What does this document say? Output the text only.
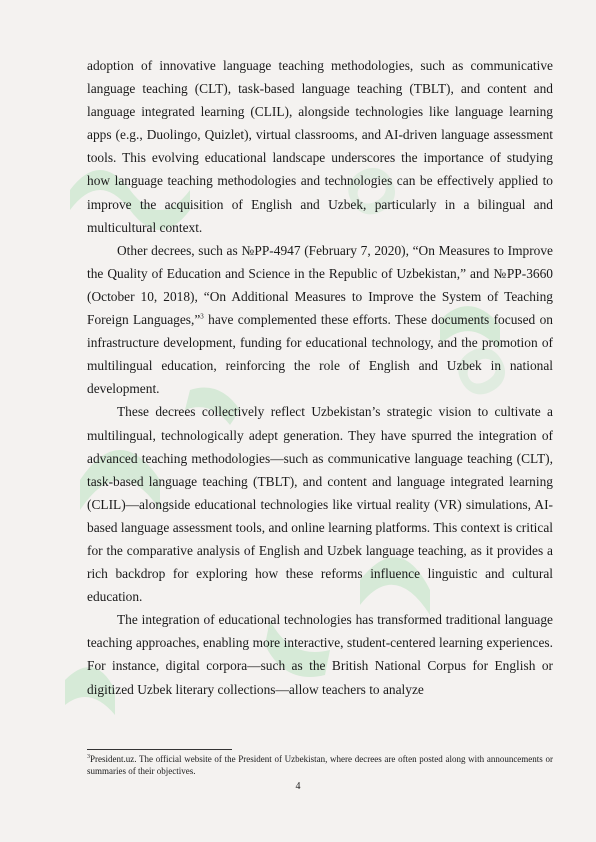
O
O

adoption of innovative language teaching methodologies, such as communicative language teaching (CLT), task-based language teaching (TBLT), and content and language integrated learning (CLIL), alongside technologies like language learning apps (e.g., Duolingo, Quizlet), virtual classrooms, and AI-driven language assessment tools. This evolving educational landscape underscores the importance of studying how language teaching methodologies and technologies can be effectively applied to improve the acquisition of English and Uzbek, particularly in a bilingual and multicultural context.

Other decrees, such as №PP-4947 (February 7, 2020), “On Measures to Improve the Quality of Education and Science in the Republic of Uzbekistan,” and №PP-3660 (October 10, 2018), “On Additional Measures to Improve the System of Teaching Foreign Languages,”$^3$ have complemented these efforts. These documents focused on infrastructure development, funding for educational technology, and the promotion of multilingual education, reinforcing the role of English and Uzbek in national development.

These decrees collectively reflect Uzbekistan’s strategic vision to cultivate a multilingual, technologically adept generation. They have spurred the integration of advanced teaching methodologies—such as communicative language teaching (CLT), task-based language teaching (TBLT), and content and language integrated learning (CLIL)—alongside educational technologies like virtual reality (VR) simulations, AI-based language assessment tools, and online learning platforms. This context is critical for the comparative analysis of English and Uzbek language teaching, as it provides a rich backdrop for exploring how these reforms influence linguistic and cultural education.

The integration of educational technologies has transformed traditional language teaching approaches, enabling more interactive, student-centered learning experiences. For instance, digital corpora—such as the British National Corpus for English or digitized Uzbek literary collections—allow teachers to analyze

$^3$President.uz. The official website of the President of Uzbekistan, where decrees are often posted along with announcements or summaries of their objectives.
4
